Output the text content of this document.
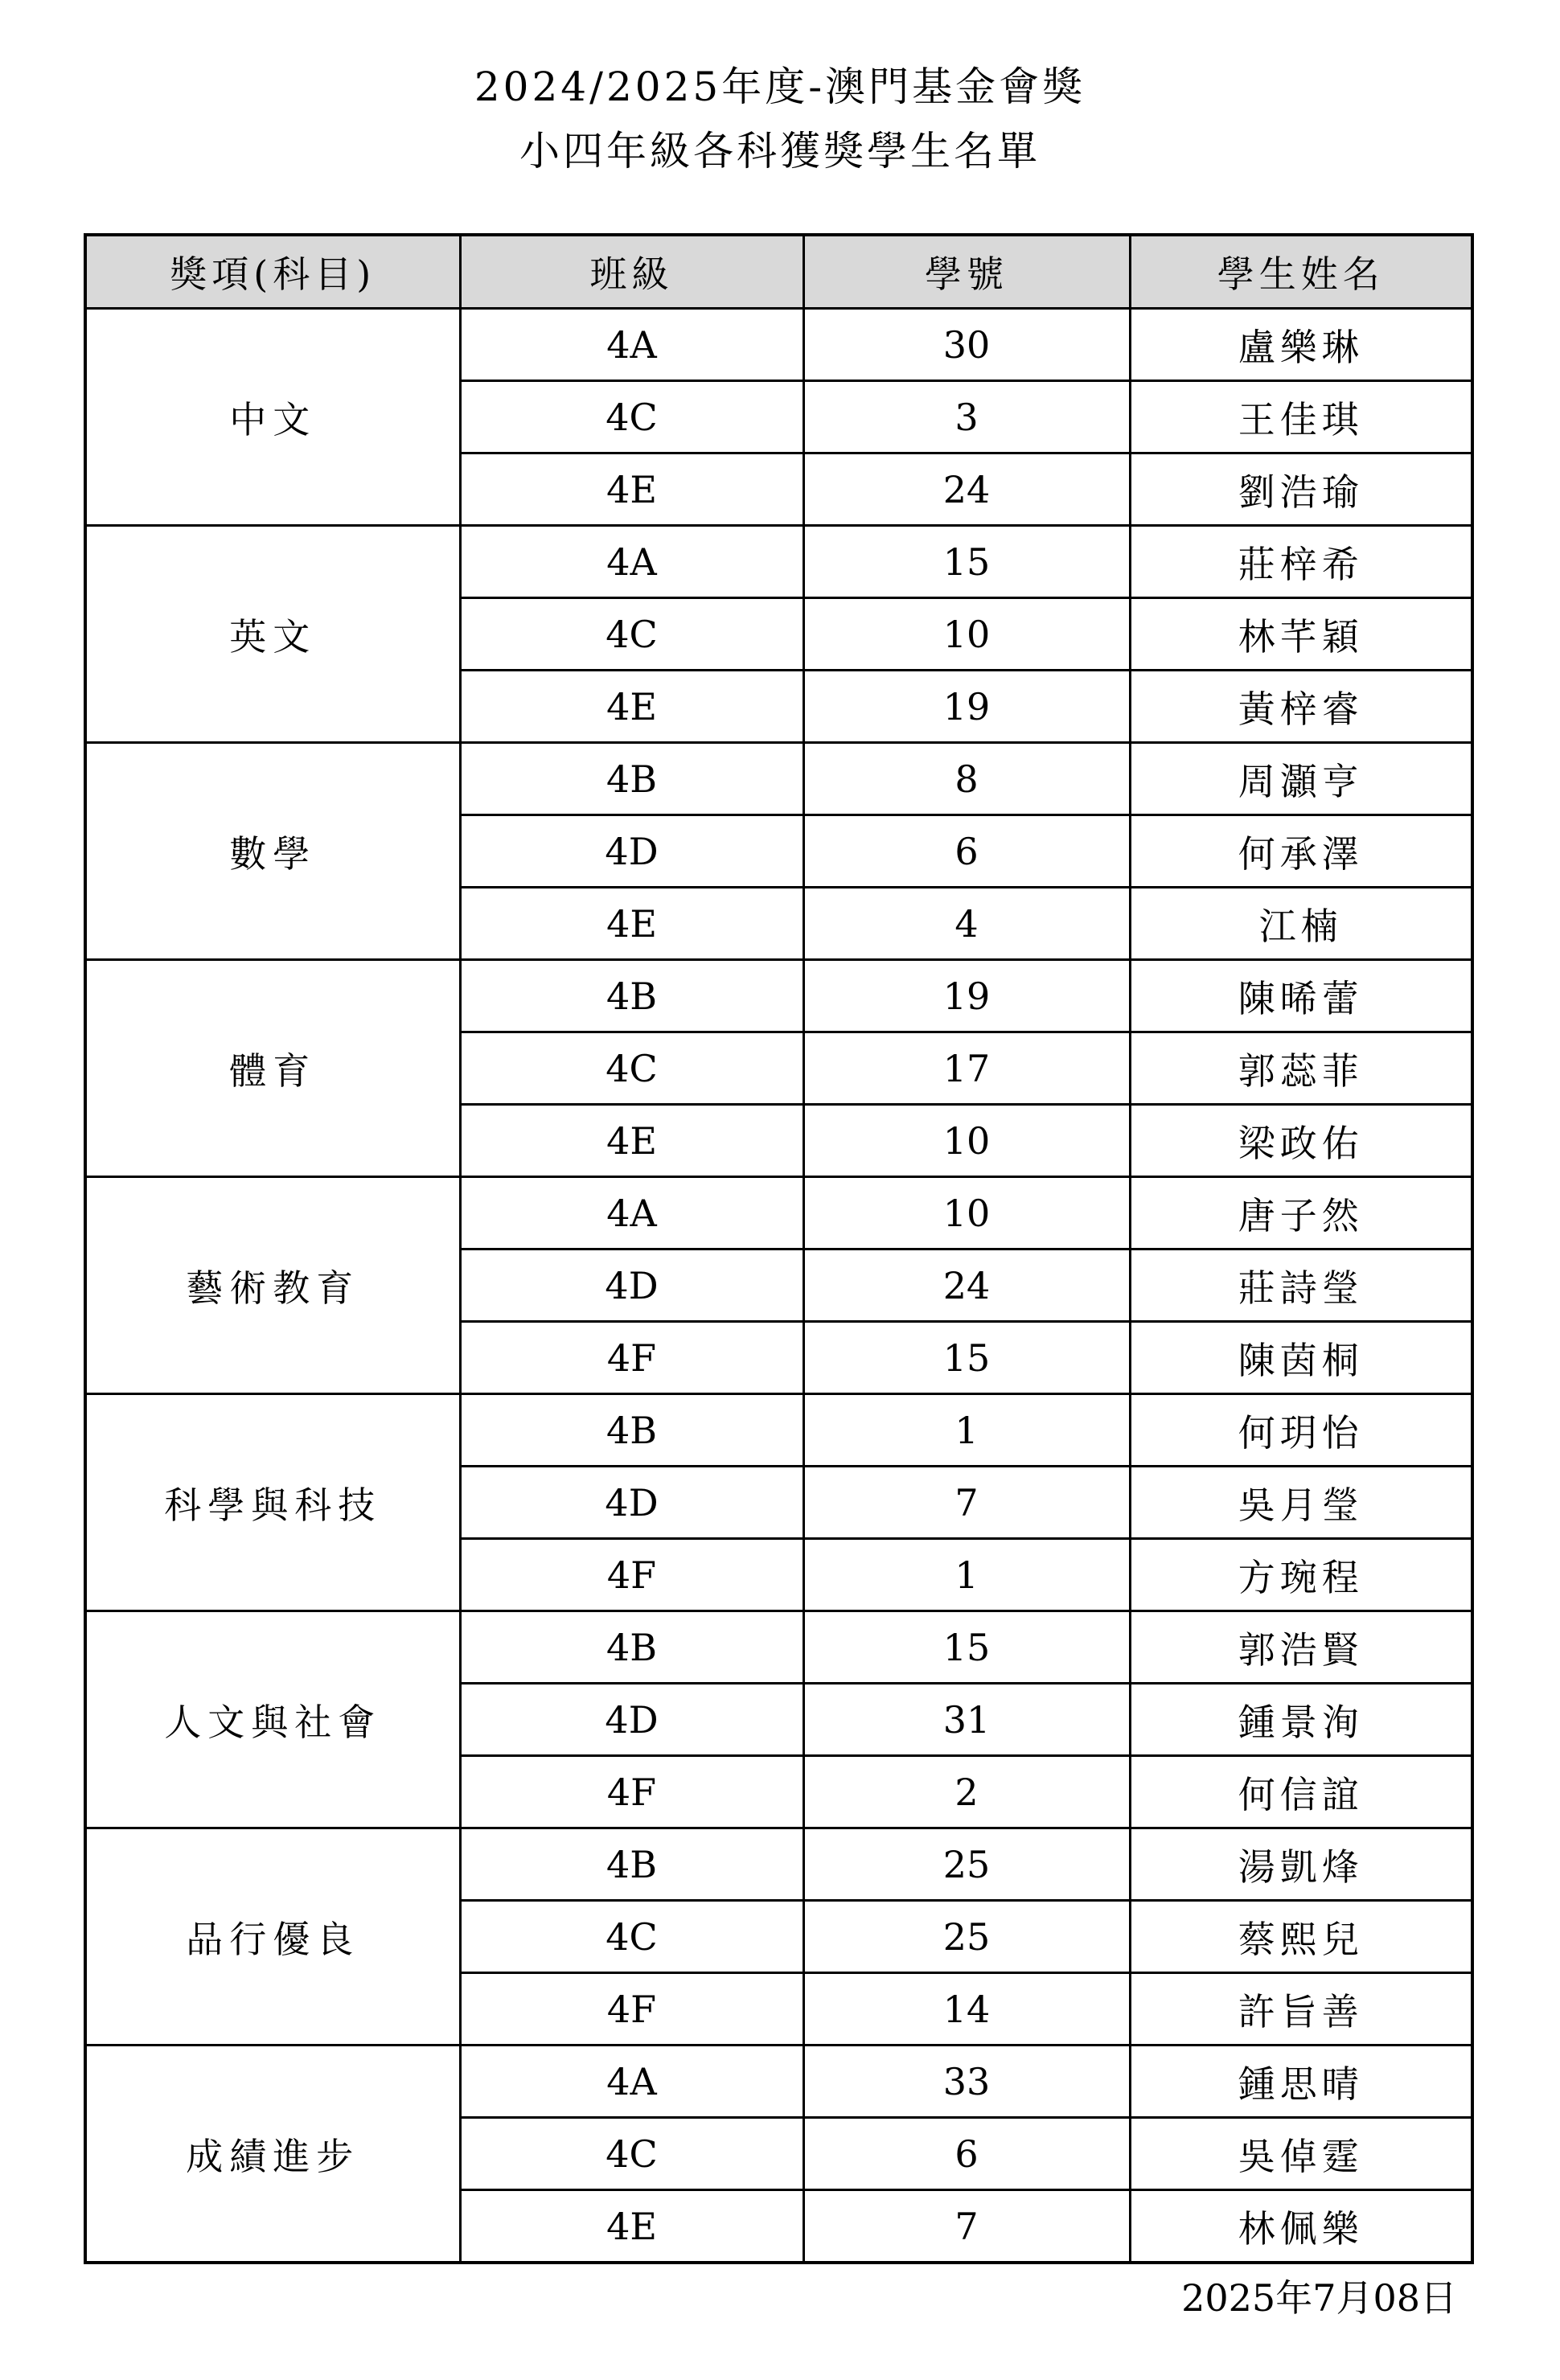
2024/2025年度-澳門基金會獎
小四年級各科獲獎學生名單
獎項(科目)	班級	學號	學生姓名
中文	4A	30	盧樂琳
	4C	3	王佳琪
	4E	24	劉浩瑜
英文	4A	15	莊梓希
	4C	10	林芊穎
	4E	19	黃梓睿
數學	4B	8	周灝亨
	4D	6	何承澤
	4E	4	江楠
體育	4B	19	陳晞蕾
	4C	17	郭蕊菲
	4E	10	梁政佑
藝術教育	4A	10	唐子然
	4D	24	莊詩瑩
	4F	15	陳茵桐
科學與科技	4B	1	何玥怡
	4D	7	吳月瑩
	4F	1	方琬程
人文與社會	4B	15	郭浩賢
	4D	31	鍾景洵
	4F	2	何信誼
品行優良	4B	25	湯凱烽
	4C	25	蔡熙兒
	4F	14	許旨善
成績進步	4A	33	鍾思晴
	4C	6	吳倬霆
	4E	7	林佩樂
2025年7月08日
